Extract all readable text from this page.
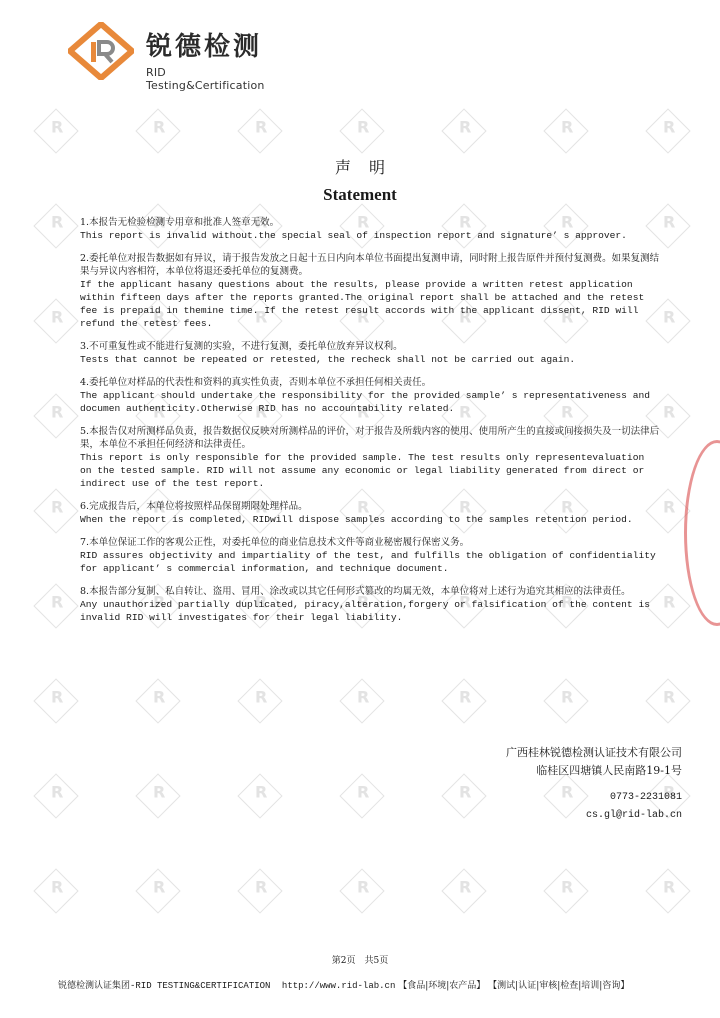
R
R
R
R
R
R
R
R
R
R
R
R
R
R
R
R
R
R
R
R
R
R
R
R
R
R
R
R
R
R
R
R
R
R
R
R
R
R
R
R
R
R
R
R
R
R
R
R
R
R
R
R
R
R
R
R
R
R
R
R
R
R
R
锐德检测
RID Testing&Certification
声明
Statement
1.本报告无检验检测专用章和批准人签章无效。
This report is invalid without.the special seal of inspection report and signature’ s approver.
2.委托单位对报告数据如有异议，请于报告发放之日起十五日内向本单位书面提出复测申请，同时附上报告原件并预付复测费。如果复测结果与异议内容相符，本单位将退还委托单位的复测费。
If the applicant hasany questions about the results, please provide a written retest application within fifteen days after the reports granted.The original report shall be attached and the retest fee is prepaid in themine time. If the retest result accords with the applicant dissent, RID will refund the retest fees.
3.不可重复性或不能进行复测的实验，不进行复测，委托单位放弃异议权利。
Tests that cannot be repeated or retested, the recheck shall not be carried out again.
4.委托单位对样品的代表性和资料的真实性负责，否则本单位不承担任何相关责任。
The applicant should undertake the responsibility for the provided sample’ s representativeness and documen authenticity.Otherwise RID has no accountability related.
5.本报告仅对所测样品负责，报告数据仅反映对所测样品的评价，对于报告及所载内容的使用、使用所产生的直接或间接损失及一切法律后果，本单位不承担任何经济和法律责任。
This report is only responsible for the provided sample. The test results only representevaluation on the tested sample. RID will not assume any economic or legal liability generated from direct or indirect use of the test report.
6.完成报告后，本单位将按照样品保留期限处理样品。
When the report is completed, RIDwill dispose samples according to the samples retention period.
7.本单位保证工作的客观公正性，对委托单位的商业信息技术文件等商业秘密履行保密义务。
RID assures objectivity and impartiality of the test, and fulfills the obligation of confidentiality for applicant’ s commercial information, and technique document.
8.本报告部分复制、私自转让、盗用、冒用、涂改或以其它任何形式篡改的均属无效，本单位将对上述行为追究其相应的法律责任。
Any unauthorized partially duplicated, piracy,alteration,forgery or falsification of the content is invalid RID will investigates for their legal liability.
广西桂林锐德检测认证技术有限公司
临桂区四塘镇人民南路19-1号
0773-2231081
cs.gl@rid-lab.cn
第2页　共5页
锐德检测认证集团-RID TESTING&CERTIFICATION http://www.rid-lab.cn 【食品|环境|农产品】 【测试|认证|审核|检查|培训|咨询】
